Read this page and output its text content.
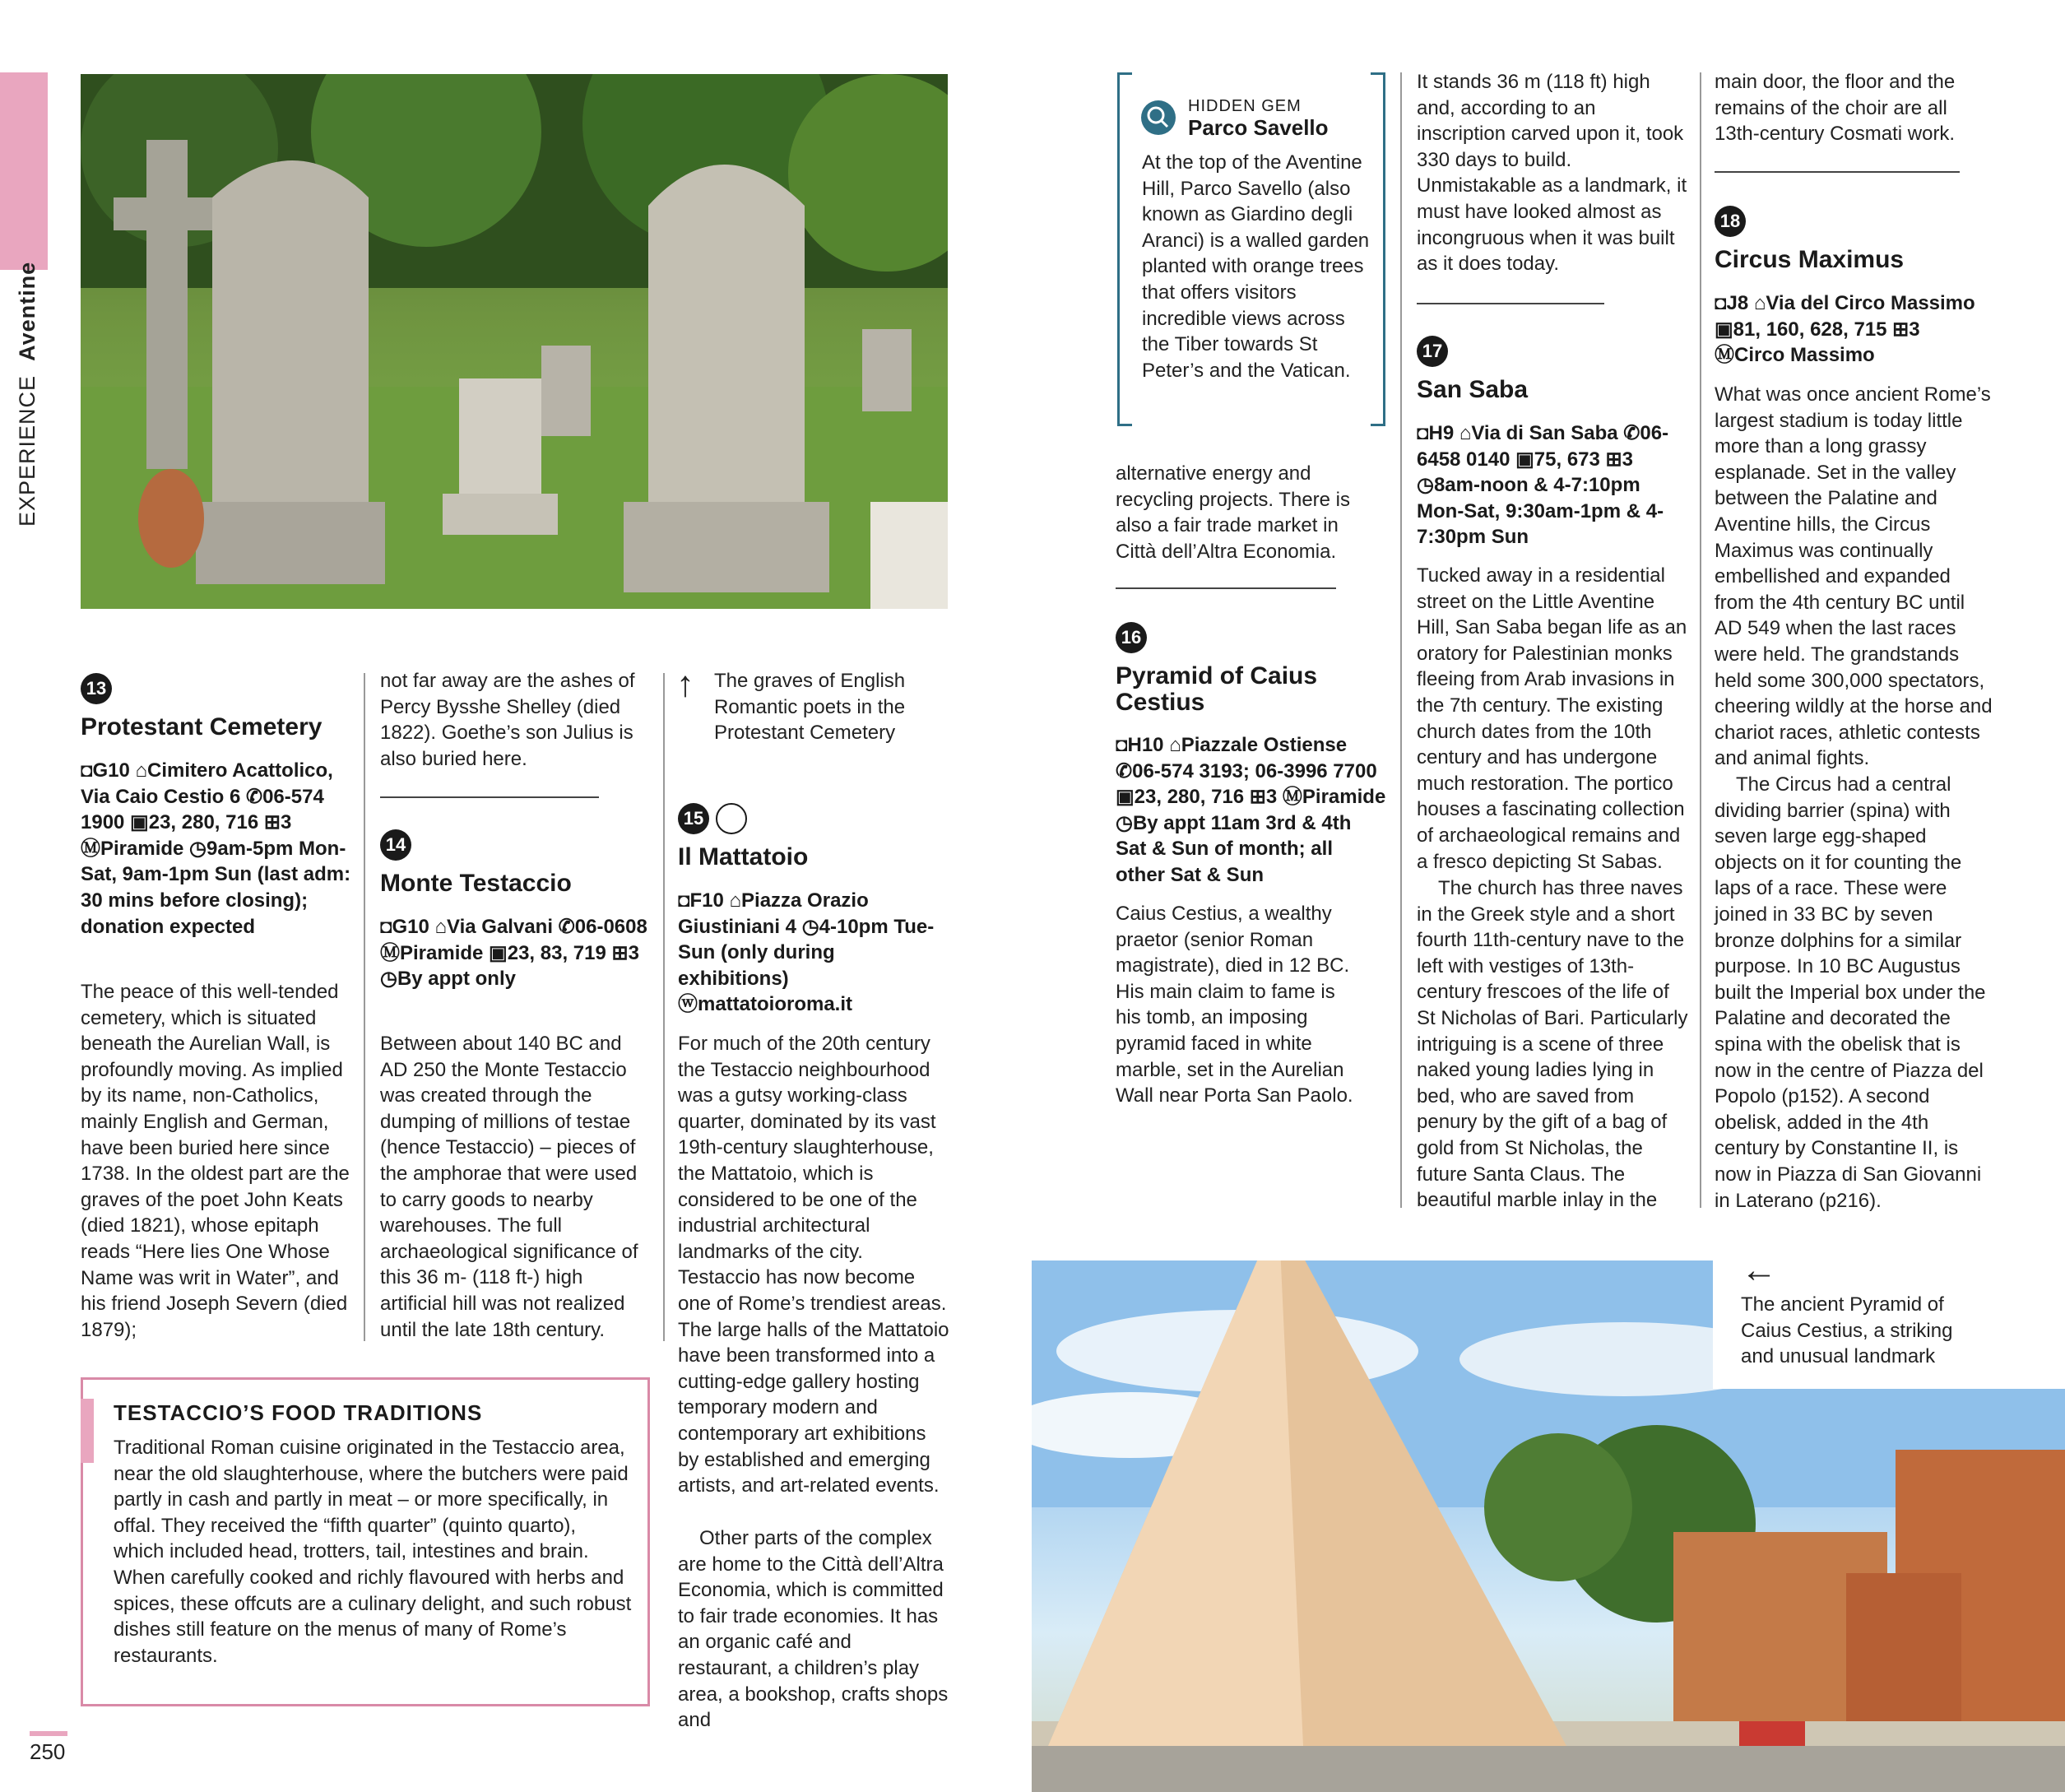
EXPERIENCE  Aventine
↑ The graves of English Romantic poets in the Protestant Cemetery
13
Protestant Cemetery
◘G10 ⌂Cimitero Acattolico, Via Caio Cestio 6 ✆06-574 1900 ▣23, 280, 716 ⊞3 ⓂPiramide ◷9am-5pm Mon-Sat, 9am-1pm Sun (last adm: 30 mins before closing); donation expected
The peace of this well-tended cemetery, which is situated beneath the Aurelian Wall, is profoundly moving. As implied by its name, non-Catholics, mainly English and German, have been buried here since 1738. In the oldest part are the graves of the poet John Keats (died 1821), whose epitaph reads “Here lies One Whose Name was writ in Water”, and his friend Joseph Severn (died 1879);
not far away are the ashes of Percy Bysshe Shelley (died 1822). Goethe’s son Julius is also buried here.
14
Monte Testaccio
◘G10 ⌂Via Galvani ✆06-0608 ⓂPiramide ▣23, 83, 719 ⊞3 ◷By appt only
Between about 140 BC and AD 250 the Monte Testaccio was created through the dumping of millions of testae (hence Testaccio) – pieces of the amphorae that were used to carry goods to nearby warehouses. The full archaeological significance of this 36 m- (118 ft-) high artificial hill was not realized until the late 18th century.
15
Il Mattatoio
◘F10 ⌂Piazza Orazio Giustiniani 4 ◷4-10pm Tue-Sun (only during exhibitions) ⓦmattatoioroma.it
For much of the 20th century the Testaccio neighbourhood was a gutsy working-class quarter, dominated by its vast 19th-century slaughterhouse, the Mattatoio, which is considered to be one of the industrial architectural landmarks of the city. Testaccio has now become one of Rome’s trendiest areas. The large halls of the Mattatoio have been transformed into a cutting-edge gallery hosting temporary modern and contemporary art exhibitions by established and emerging artists, and art-related events.
Other parts of the complex are home to the Città dell’Altra Economia, which is committed to fair trade economies. It has an organic café and restaurant, a children’s play area, a bookshop, crafts shops and
TESTACCIO’S FOOD TRADITIONS
Traditional Roman cuisine originated in the Testaccio area, near the old slaughterhouse, where the butchers were paid partly in cash and partly in meat – or more specifically, in offal. They received the “fifth quarter” (quinto quarto), which included head, trotters, tail, intestines and brain. When carefully cooked and richly flavoured with herbs and spices, these offcuts are a culinary delight, and such robust dishes still feature on the menus of many of Rome’s restaurants.
HIDDEN GEM
Parco Savello
At the top of the Aventine Hill, Parco Savello (also known as Giardino degli Aranci) is a walled garden planted with orange trees that offers visitors incredible views across the Tiber towards St Peter’s and the Vatican.
alternative energy and recycling projects. There is also a fair trade market in Città dell’Altra Economia.
16
Pyramid of Caius Cestius
◘H10 ⌂Piazzale Ostiense ✆06-574 3193; 06-3996 7700 ▣23, 280, 716 ⊞3 ⓂPiramide ◷By appt 11am 3rd & 4th Sat & Sun of month; all other Sat & Sun
Caius Cestius, a wealthy praetor (senior Roman magistrate), died in 12 BC. His main claim to fame is his tomb, an imposing pyramid faced in white marble, set in the Aurelian Wall near Porta San Paolo.
It stands 36 m (118 ft) high and, according to an inscription carved upon it, took 330 days to build. Unmistakable as a landmark, it must have looked almost as incongruous when it was built as it does today.
17
San Saba
◘H9 ⌂Via di San Saba ✆06-6458 0140 ▣75, 673 ⊞3 ◷8am-noon & 4-7:10pm Mon-Sat, 9:30am-1pm & 4-7:30pm Sun
Tucked away in a residential street on the Little Aventine Hill, San Saba began life as an oratory for Palestinian monks fleeing from Arab invasions in the 7th century. The existing church dates from the 10th century and has undergone much restoration. The portico houses a fascinating collection of archaeological remains and a fresco depicting St Sabas.
The church has three naves in the Greek style and a short fourth 11th-century nave to the left with vestiges of 13th-century frescoes of the life of St Nicholas of Bari. Particularly intriguing is a scene of three naked young ladies lying in bed, who are saved from penury by the gift of a bag of gold from St Nicholas, the future Santa Claus. The beautiful marble inlay in the
main door, the floor and the remains of the choir are all 13th-century Cosmati work.
18
Circus Maximus
◘J8 ⌂Via del Circo Massimo ▣81, 160, 628, 715 ⊞3 ⓂCirco Massimo
What was once ancient Rome’s largest stadium is today little more than a long grassy esplanade. Set in the valley between the Palatine and Aventine hills, the Circus Maximus was continually embellished and expanded from the 4th century BC until AD 549 when the last races were held. The grandstands held some 300,000 spectators, cheering wildly at the horse and chariot races, athletic contests and animal fights.
The Circus had a central dividing barrier (spina) with seven large egg-shaped objects on it for counting the laps of a race. These were joined in 33 BC by seven bronze dolphins for a similar purpose. In 10 BC Augustus built the Imperial box under the Palatine and decorated the spina with the obelisk that is now in the centre of Piazza del Popolo (p152). A second obelisk, added in the 4th century by Constantine II, is now in Piazza di San Giovanni in Laterano (p216).
←
The ancient Pyramid of Caius Cestius, a striking and unusual landmark
250
